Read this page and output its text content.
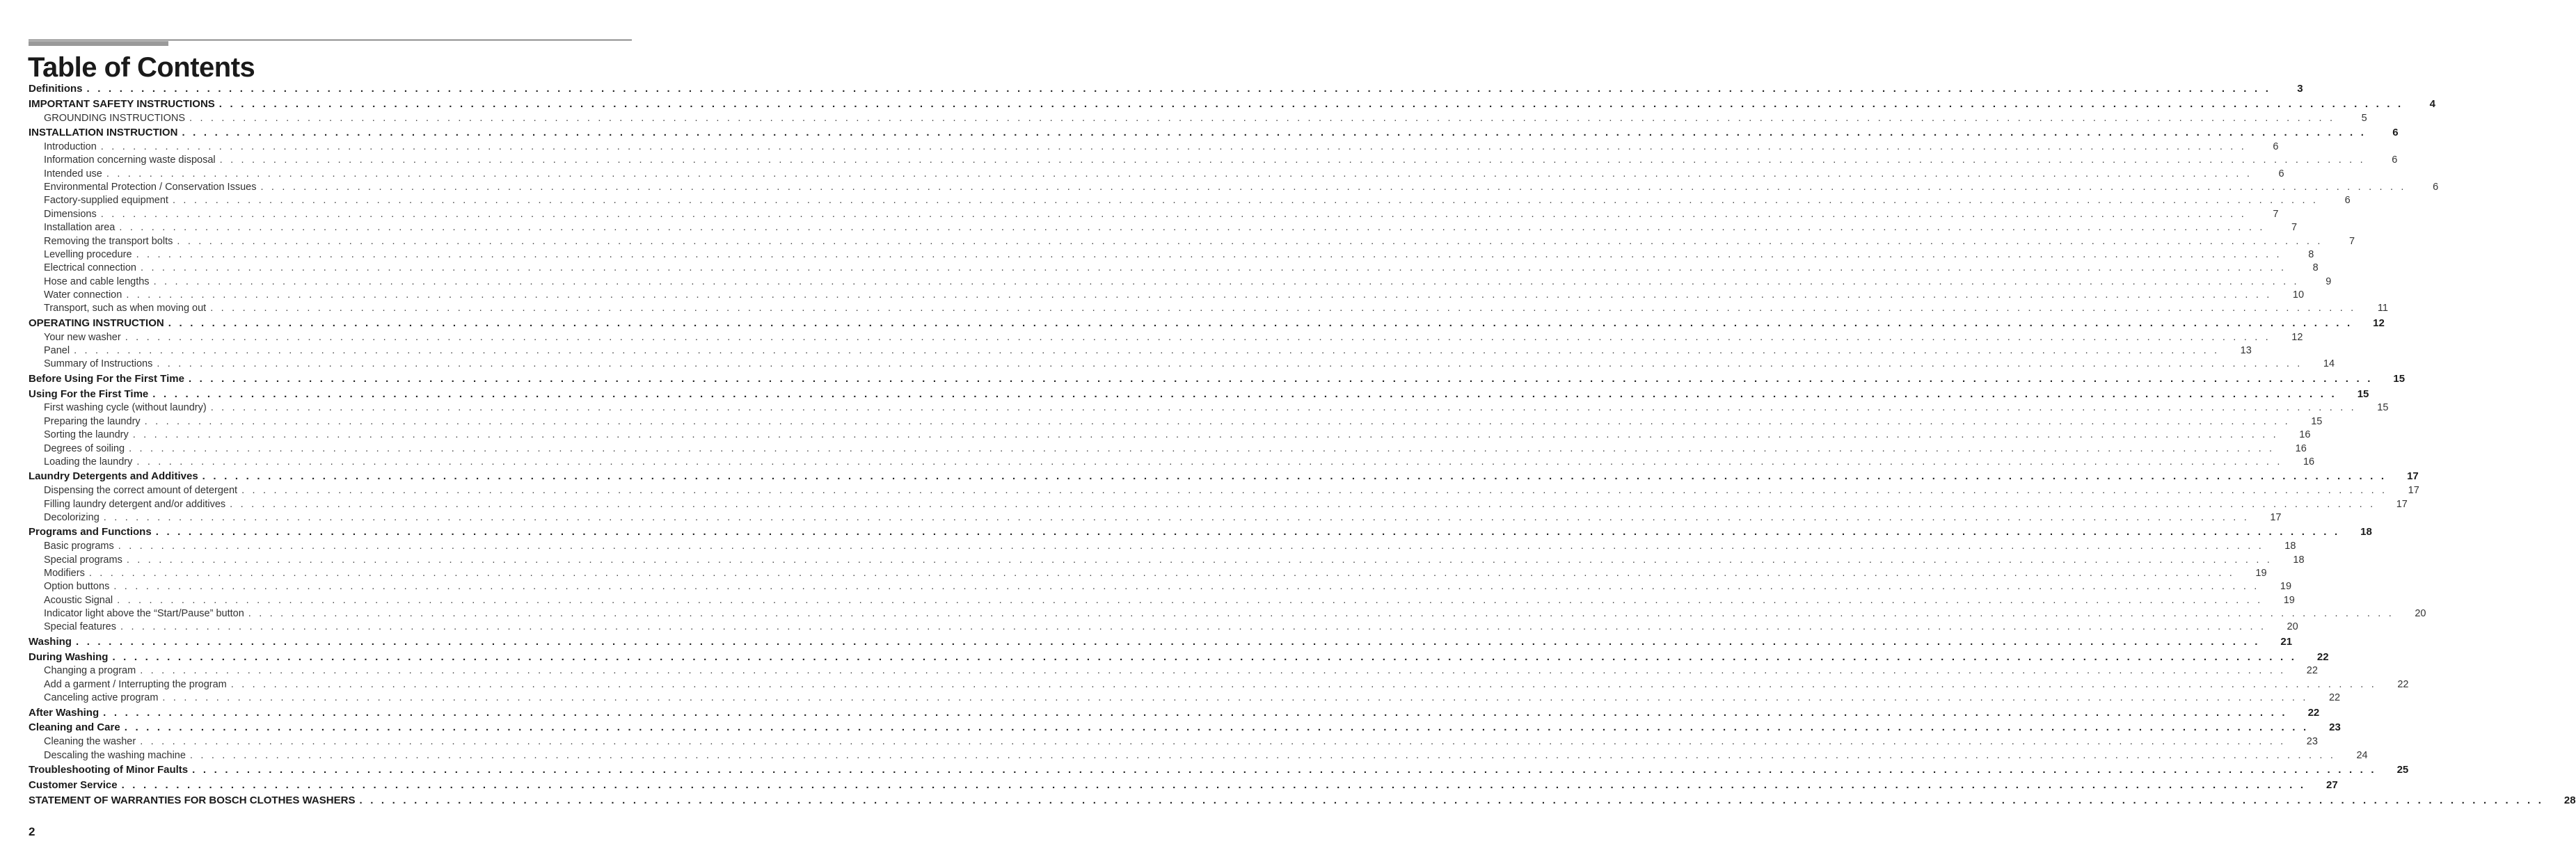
Table of Contents
Definitions . . . . . . . . . . . . . . . . . . . . . . . . . . . . . . . . . . . . . . . . . . . . . . . . . . . . . . . . . . . . . . . . . . . . . . . . . . . . . . . . . . . . . . . . . . . . . . . . . . . . . . . . . . . . . . . . . . . . . . . . . . . . . . . . . . . . . . . . . . . . . . . . . . . . . . . . . . . . . . . . . . . . . . . . . . . . . . . . . . . . . . . . . . . . . . . . . . . . . . . .	3
IMPORTANT SAFETY INSTRUCTIONS . . . . . . . . . . . . . . . . . . . . . . . . . . . . . . . . . . . . . . . . . . . . . . . . . . . . . . . . . . . . . . . . . . . . . . . . . . . . . . . . . . . . . . . . . . . . . . . . . . . . . . . . . . . . . . . . . . . . . . . . . . . . . . . . . . . . . . . . . . . . . . . . . . . . . . . . . . . . . . . . . . . . . . . . . . . . . . . . . . . . . . . . . . . . . . . . . . . . . . . .	4
GROUNDING INSTRUCTIONS . . . . . . . . . . . . . . . . . . . . . . . . . . . . . . . . . . . . . . . . . . . . . . . . . . . . . . . . . . . . . . . . . . . . . . . . . . . . . . . . . . . . . . . . . . . . . . . . . . . . . . . . . . . . . . . . . . . . . . . . . . . . . . . . . . . . . . . . . . . . . . . . . . . . . . . . . . . . . . . . . . . . . . . . . . . . . . . . . . . . . . . . . . . . . . . . . . . . . . . .	5
INSTALLATION INSTRUCTION . . . . . . . . . . . . . . . . . . . . . . . . . . . . . . . . . . . . . . . . . . . . . . . . . . . . . . . . . . . . . . . . . . . . . . . . . . . . . . . . . . . . . . . . . . . . . . . . . . . . . . . . . . . . . . . . . . . . . . . . . . . . . . . . . . . . . . . . . . . . . . . . . . . . . . . . . . . . . . . . . . . . . . . . . . . . . . . . . . . . . . . . . . . . . . . . . . . . . . . .	6
Introduction . . . . . . . . . . . . . . . . . . . . . . . . . . . . . . . . . . . . . . . . . . . . . . . . . . . . . . . . . . . . . . . . . . . . . . . . . . . . . . . . . . . . . . . . . . . . . . . . . . . . . . . . . . . . . . . . . . . . . . . . . . . . . . . . . . . . . . . . . . . . . . . . . . . . . . . . . . . . . . . . . . . . . . . . . . . . . . . . . . . . . . . . . . . . . . . . . . . . . . . .	6
Information concerning waste disposal . . . . . . . . . . . . . . . . . . . . . . . . . . . . . . . . . . . . . . . . . . . . . . . . . . . . . . . . . . . . . . . . . . . . . . . . . . . . . . . . . . . . . . . . . . . . . . . . . . . . . . . . . . . . . . . . . . . . . . . . . . . . . . . . . . . . . . . . . . . . . . . . . . . . . . . . . . . . . . . . . . . . . . . . . . . . . . . . . . . . . . . . . . . . . . . . . . . . . . . .	6
Intended use . . . . . . . . . . . . . . . . . . . . . . . . . . . . . . . . . . . . . . . . . . . . . . . . . . . . . . . . . . . . . . . . . . . . . . . . . . . . . . . . . . . . . . . . . . . . . . . . . . . . . . . . . . . . . . . . . . . . . . . . . . . . . . . . . . . . . . . . . . . . . . . . . . . . . . . . . . . . . . . . . . . . . . . . . . . . . . . . . . . . . . . . . . . . . . . . . . . . . . . .	6
Environmental Protection / Conservation Issues . . . . . . . . . . . . . . . . . . . . . . . . . . . . . . . . . . . . . . . . . . . . . . . . . . . . . . . . . . . . . . . . . . . . . . . . . . . . . . . . . . . . . . . . . . . . . . . . . . . . . . . . . . . . . . . . . . . . . . . . . . . . . . . . . . . . . . . . . . . . . . . . . . . . . . . . . . . . . . . . . . . . . . . . . . . . . . . . . . . . . . . . . . . . . . . . . . . . . . . .	6
Factory-supplied equipment . . . . . . . . . . . . . . . . . . . . . . . . . . . . . . . . . . . . . . . . . . . . . . . . . . . . . . . . . . . . . . . . . . . . . . . . . . . . . . . . . . . . . . . . . . . . . . . . . . . . . . . . . . . . . . . . . . . . . . . . . . . . . . . . . . . . . . . . . . . . . . . . . . . . . . . . . . . . . . . . . . . . . . . . . . . . . . . . . . . . . . . . . . . . . . . . . . . . . . . .	6
Dimensions . . . . . . . . . . . . . . . . . . . . . . . . . . . . . . . . . . . . . . . . . . . . . . . . . . . . . . . . . . . . . . . . . . . . . . . . . . . . . . . . . . . . . . . . . . . . . . . . . . . . . . . . . . . . . . . . . . . . . . . . . . . . . . . . . . . . . . . . . . . . . . . . . . . . . . . . . . . . . . . . . . . . . . . . . . . . . . . . . . . . . . . . . . . . . . . . . . . . . . . .	7
Installation area . . . . . . . . . . . . . . . . . . . . . . . . . . . . . . . . . . . . . . . . . . . . . . . . . . . . . . . . . . . . . . . . . . . . . . . . . . . . . . . . . . . . . . . . . . . . . . . . . . . . . . . . . . . . . . . . . . . . . . . . . . . . . . . . . . . . . . . . . . . . . . . . . . . . . . . . . . . . . . . . . . . . . . . . . . . . . . . . . . . . . . . . . . . . . . . . . . . . . . . .	7
Removing the transport bolts . . . . . . . . . . . . . . . . . . . . . . . . . . . . . . . . . . . . . . . . . . . . . . . . . . . . . . . . . . . . . . . . . . . . . . . . . . . . . . . . . . . . . . . . . . . . . . . . . . . . . . . . . . . . . . . . . . . . . . . . . . . . . . . . . . . . . . . . . . . . . . . . . . . . . . . . . . . . . . . . . . . . . . . . . . . . . . . . . . . . . . . . . . . . . . . . . . . . . . . .	7
Levelling procedure . . . . . . . . . . . . . . . . . . . . . . . . . . . . . . . . . . . . . . . . . . . . . . . . . . . . . . . . . . . . . . . . . . . . . . . . . . . . . . . . . . . . . . . . . . . . . . . . . . . . . . . . . . . . . . . . . . . . . . . . . . . . . . . . . . . . . . . . . . . . . . . . . . . . . . . . . . . . . . . . . . . . . . . . . . . . . . . . . . . . . . . . . . . . . . . . . . . . . . . .	8
Electrical connection . . . . . . . . . . . . . . . . . . . . . . . . . . . . . . . . . . . . . . . . . . . . . . . . . . . . . . . . . . . . . . . . . . . . . . . . . . . . . . . . . . . . . . . . . . . . . . . . . . . . . . . . . . . . . . . . . . . . . . . . . . . . . . . . . . . . . . . . . . . . . . . . . . . . . . . . . . . . . . . . . . . . . . . . . . . . . . . . . . . . . . . . . . . . . . . . . . . . . . . .	8
Hose and cable lengths . . . . . . . . . . . . . . . . . . . . . . . . . . . . . . . . . . . . . . . . . . . . . . . . . . . . . . . . . . . . . . . . . . . . . . . . . . . . . . . . . . . . . . . . . . . . . . . . . . . . . . . . . . . . . . . . . . . . . . . . . . . . . . . . . . . . . . . . . . . . . . . . . . . . . . . . . . . . . . . . . . . . . . . . . . . . . . . . . . . . . . . . . . . . . . . . . . . . . . . .	9
Water connection . . . . . . . . . . . . . . . . . . . . . . . . . . . . . . . . . . . . . . . . . . . . . . . . . . . . . . . . . . . . . . . . . . . . . . . . . . . . . . . . . . . . . . . . . . . . . . . . . . . . . . . . . . . . . . . . . . . . . . . . . . . . . . . . . . . . . . . . . . . . . . . . . . . . . . . . . . . . . . . . . . . . . . . . . . . . . . . . . . . . . . . . . . . . . . . . . . . . . . . .	10
Transport, such as when moving out . . . . . . . . . . . . . . . . . . . . . . . . . . . . . . . . . . . . . . . . . . . . . . . . . . . . . . . . . . . . . . . . . . . . . . . . . . . . . . . . . . . . . . . . . . . . . . . . . . . . . . . . . . . . . . . . . . . . . . . . . . . . . . . . . . . . . . . . . . . . . . . . . . . . . . . . . . . . . . . . . . . . . . . . . . . . . . . . . . . . . . . . . . . . . . . . . . . . . . . .	11
OPERATING INSTRUCTION . . . . . . . . . . . . . . . . . . . . . . . . . . . . . . . . . . . . . . . . . . . . . . . . . . . . . . . . . . . . . . . . . . . . . . . . . . . . . . . . . . . . . . . . . . . . . . . . . . . . . . . . . . . . . . . . . . . . . . . . . . . . . . . . . . . . . . . . . . . . . . . . . . . . . . . . . . . . . . . . . . . . . . . . . . . . . . . . . . . . . . . . . . . . . . . . . . . . . . . .	12
Your new washer . . . . . . . . . . . . . . . . . . . . . . . . . . . . . . . . . . . . . . . . . . . . . . . . . . . . . . . . . . . . . . . . . . . . . . . . . . . . . . . . . . . . . . . . . . . . . . . . . . . . . . . . . . . . . . . . . . . . . . . . . . . . . . . . . . . . . . . . . . . . . . . . . . . . . . . . . . . . . . . . . . . . . . . . . . . . . . . . . . . . . . . . . . . . . . . . . . . . . . . .	12
Panel . . . . . . . . . . . . . . . . . . . . . . . . . . . . . . . . . . . . . . . . . . . . . . . . . . . . . . . . . . . . . . . . . . . . . . . . . . . . . . . . . . . . . . . . . . . . . . . . . . . . . . . . . . . . . . . . . . . . . . . . . . . . . . . . . . . . . . . . . . . . . . . . . . . . . . . . . . . . . . . . . . . . . . . . . . . . . . . . . . . . . . . . . . . . . . . . . . . . . . . .	13
Summary of Instructions . . . . . . . . . . . . . . . . . . . . . . . . . . . . . . . . . . . . . . . . . . . . . . . . . . . . . . . . . . . . . . . . . . . . . . . . . . . . . . . . . . . . . . . . . . . . . . . . . . . . . . . . . . . . . . . . . . . . . . . . . . . . . . . . . . . . . . . . . . . . . . . . . . . . . . . . . . . . . . . . . . . . . . . . . . . . . . . . . . . . . . . . . . . . . . . . . . . . . . . .	14
Before Using For the First Time . . . . . . . . . . . . . . . . . . . . . . . . . . . . . . . . . . . . . . . . . . . . . . . . . . . . . . . . . . . . . . . . . . . . . . . . . . . . . . . . . . . . . . . . . . . . . . . . . . . . . . . . . . . . . . . . . . . . . . . . . . . . . . . . . . . . . . . . . . . . . . . . . . . . . . . . . . . . . . . . . . . . . . . . . . . . . . . . . . . . . . . . . . . . . . . . . . . . . . . .	15
Using For the First Time . . . . . . . . . . . . . . . . . . . . . . . . . . . . . . . . . . . . . . . . . . . . . . . . . . . . . . . . . . . . . . . . . . . . . . . . . . . . . . . . . . . . . . . . . . . . . . . . . . . . . . . . . . . . . . . . . . . . . . . . . . . . . . . . . . . . . . . . . . . . . . . . . . . . . . . . . . . . . . . . . . . . . . . . . . . . . . . . . . . . . . . . . . . . . . . . . . . . . . . .	15
First washing cycle (without laundry) . . . . . . . . . . . . . . . . . . . . . . . . . . . . . . . . . . . . . . . . . . . . . . . . . . . . . . . . . . . . . . . . . . . . . . . . . . . . . . . . . . . . . . . . . . . . . . . . . . . . . . . . . . . . . . . . . . . . . . . . . . . . . . . . . . . . . . . . . . . . . . . . . . . . . . . . . . . . . . . . . . . . . . . . . . . . . . . . . . . . . . . . . . . . . . . . . . . . . . . .	15
Preparing the laundry . . . . . . . . . . . . . . . . . . . . . . . . . . . . . . . . . . . . . . . . . . . . . . . . . . . . . . . . . . . . . . . . . . . . . . . . . . . . . . . . . . . . . . . . . . . . . . . . . . . . . . . . . . . . . . . . . . . . . . . . . . . . . . . . . . . . . . . . . . . . . . . . . . . . . . . . . . . . . . . . . . . . . . . . . . . . . . . . . . . . . . . . . . . . . . . . . . . . . . . .	15
Sorting the laundry . . . . . . . . . . . . . . . . . . . . . . . . . . . . . . . . . . . . . . . . . . . . . . . . . . . . . . . . . . . . . . . . . . . . . . . . . . . . . . . . . . . . . . . . . . . . . . . . . . . . . . . . . . . . . . . . . . . . . . . . . . . . . . . . . . . . . . . . . . . . . . . . . . . . . . . . . . . . . . . . . . . . . . . . . . . . . . . . . . . . . . . . . . . . . . . . . . . . . . . .	16
Degrees of soiling . . . . . . . . . . . . . . . . . . . . . . . . . . . . . . . . . . . . . . . . . . . . . . . . . . . . . . . . . . . . . . . . . . . . . . . . . . . . . . . . . . . . . . . . . . . . . . . . . . . . . . . . . . . . . . . . . . . . . . . . . . . . . . . . . . . . . . . . . . . . . . . . . . . . . . . . . . . . . . . . . . . . . . . . . . . . . . . . . . . . . . . . . . . . . . . . . . . . . . . .	16
Loading the laundry . . . . . . . . . . . . . . . . . . . . . . . . . . . . . . . . . . . . . . . . . . . . . . . . . . . . . . . . . . . . . . . . . . . . . . . . . . . . . . . . . . . . . . . . . . . . . . . . . . . . . . . . . . . . . . . . . . . . . . . . . . . . . . . . . . . . . . . . . . . . . . . . . . . . . . . . . . . . . . . . . . . . . . . . . . . . . . . . . . . . . . . . . . . . . . . . . . . . . . . .	16
Laundry Detergents and Additives . . . . . . . . . . . . . . . . . . . . . . . . . . . . . . . . . . . . . . . . . . . . . . . . . . . . . . . . . . . . . . . . . . . . . . . . . . . . . . . . . . . . . . . . . . . . . . . . . . . . . . . . . . . . . . . . . . . . . . . . . . . . . . . . . . . . . . . . . . . . . . . . . . . . . . . . . . . . . . . . . . . . . . . . . . . . . . . . . . . . . . . . . . . . . . . . . . . . . . . .	17
Dispensing the correct amount of detergent . . . . . . . . . . . . . . . . . . . . . . . . . . . . . . . . . . . . . . . . . . . . . . . . . . . . . . . . . . . . . . . . . . . . . . . . . . . . . . . . . . . . . . . . . . . . . . . . . . . . . . . . . . . . . . . . . . . . . . . . . . . . . . . . . . . . . . . . . . . . . . . . . . . . . . . . . . . . . . . . . . . . . . . . . . . . . . . . . . . . . . . . . . . . . . . . . . . . . . . .	17
Filling laundry detergent and/or additives . . . . . . . . . . . . . . . . . . . . . . . . . . . . . . . . . . . . . . . . . . . . . . . . . . . . . . . . . . . . . . . . . . . . . . . . . . . . . . . . . . . . . . . . . . . . . . . . . . . . . . . . . . . . . . . . . . . . . . . . . . . . . . . . . . . . . . . . . . . . . . . . . . . . . . . . . . . . . . . . . . . . . . . . . . . . . . . . . . . . . . . . . . . . . . . . . . . . . . . .	17
Decolorizing . . . . . . . . . . . . . . . . . . . . . . . . . . . . . . . . . . . . . . . . . . . . . . . . . . . . . . . . . . . . . . . . . . . . . . . . . . . . . . . . . . . . . . . . . . . . . . . . . . . . . . . . . . . . . . . . . . . . . . . . . . . . . . . . . . . . . . . . . . . . . . . . . . . . . . . . . . . . . . . . . . . . . . . . . . . . . . . . . . . . . . . . . . . . . . . . . . . . . . . .	17
Programs and Functions . . . . . . . . . . . . . . . . . . . . . . . . . . . . . . . . . . . . . . . . . . . . . . . . . . . . . . . . . . . . . . . . . . . . . . . . . . . . . . . . . . . . . . . . . . . . . . . . . . . . . . . . . . . . . . . . . . . . . . . . . . . . . . . . . . . . . . . . . . . . . . . . . . . . . . . . . . . . . . . . . . . . . . . . . . . . . . . . . . . . . . . . . . . . . . . . . . . . . . . .	18
Basic programs . . . . . . . . . . . . . . . . . . . . . . . . . . . . . . . . . . . . . . . . . . . . . . . . . . . . . . . . . . . . . . . . . . . . . . . . . . . . . . . . . . . . . . . . . . . . . . . . . . . . . . . . . . . . . . . . . . . . . . . . . . . . . . . . . . . . . . . . . . . . . . . . . . . . . . . . . . . . . . . . . . . . . . . . . . . . . . . . . . . . . . . . . . . . . . . . . . . . . . . .	18
Special programs . . . . . . . . . . . . . . . . . . . . . . . . . . . . . . . . . . . . . . . . . . . . . . . . . . . . . . . . . . . . . . . . . . . . . . . . . . . . . . . . . . . . . . . . . . . . . . . . . . . . . . . . . . . . . . . . . . . . . . . . . . . . . . . . . . . . . . . . . . . . . . . . . . . . . . . . . . . . . . . . . . . . . . . . . . . . . . . . . . . . . . . . . . . . . . . . . . . . . . . .	18
Modifiers . . . . . . . . . . . . . . . . . . . . . . . . . . . . . . . . . . . . . . . . . . . . . . . . . . . . . . . . . . . . . . . . . . . . . . . . . . . . . . . . . . . . . . . . . . . . . . . . . . . . . . . . . . . . . . . . . . . . . . . . . . . . . . . . . . . . . . . . . . . . . . . . . . . . . . . . . . . . . . . . . . . . . . . . . . . . . . . . . . . . . . . . . . . . . . . . . . . . . . . .	19
Option buttons . . . . . . . . . . . . . . . . . . . . . . . . . . . . . . . . . . . . . . . . . . . . . . . . . . . . . . . . . . . . . . . . . . . . . . . . . . . . . . . . . . . . . . . . . . . . . . . . . . . . . . . . . . . . . . . . . . . . . . . . . . . . . . . . . . . . . . . . . . . . . . . . . . . . . . . . . . . . . . . . . . . . . . . . . . . . . . . . . . . . . . . . . . . . . . . . . . . . . . . .	19
Acoustic Signal . . . . . . . . . . . . . . . . . . . . . . . . . . . . . . . . . . . . . . . . . . . . . . . . . . . . . . . . . . . . . . . . . . . . . . . . . . . . . . . . . . . . . . . . . . . . . . . . . . . . . . . . . . . . . . . . . . . . . . . . . . . . . . . . . . . . . . . . . . . . . . . . . . . . . . . . . . . . . . . . . . . . . . . . . . . . . . . . . . . . . . . . . . . . . . . . . . . . . . . .	19
Indicator light above the “Start/Pause” button . . . . . . . . . . . . . . . . . . . . . . . . . . . . . . . . . . . . . . . . . . . . . . . . . . . . . . . . . . . . . . . . . . . . . . . . . . . . . . . . . . . . . . . . . . . . . . . . . . . . . . . . . . . . . . . . . . . . . . . . . . . . . . . . . . . . . . . . . . . . . . . . . . . . . . . . . . . . . . . . . . . . . . . . . . . . . . . . . . . . . . . . . . . . . . . . . . . . . . . .	20
Special features . . . . . . . . . . . . . . . . . . . . . . . . . . . . . . . . . . . . . . . . . . . . . . . . . . . . . . . . . . . . . . . . . . . . . . . . . . . . . . . . . . . . . . . . . . . . . . . . . . . . . . . . . . . . . . . . . . . . . . . . . . . . . . . . . . . . . . . . . . . . . . . . . . . . . . . . . . . . . . . . . . . . . . . . . . . . . . . . . . . . . . . . . . . . . . . . . . . . . . . .	20
Washing . . . . . . . . . . . . . . . . . . . . . . . . . . . . . . . . . . . . . . . . . . . . . . . . . . . . . . . . . . . . . . . . . . . . . . . . . . . . . . . . . . . . . . . . . . . . . . . . . . . . . . . . . . . . . . . . . . . . . . . . . . . . . . . . . . . . . . . . . . . . . . . . . . . . . . . . . . . . . . . . . . . . . . . . . . . . . . . . . . . . . . . . . . . . . . . . . . . . . . . .	21
During Washing . . . . . . . . . . . . . . . . . . . . . . . . . . . . . . . . . . . . . . . . . . . . . . . . . . . . . . . . . . . . . . . . . . . . . . . . . . . . . . . . . . . . . . . . . . . . . . . . . . . . . . . . . . . . . . . . . . . . . . . . . . . . . . . . . . . . . . . . . . . . . . . . . . . . . . . . . . . . . . . . . . . . . . . . . . . . . . . . . . . . . . . . . . . . . . . . . . . . . . . .	22
Changing a program . . . . . . . . . . . . . . . . . . . . . . . . . . . . . . . . . . . . . . . . . . . . . . . . . . . . . . . . . . . . . . . . . . . . . . . . . . . . . . . . . . . . . . . . . . . . . . . . . . . . . . . . . . . . . . . . . . . . . . . . . . . . . . . . . . . . . . . . . . . . . . . . . . . . . . . . . . . . . . . . . . . . . . . . . . . . . . . . . . . . . . . . . . . . . . . . . . . . . . . .	22
Add a garment / Interrupting the program . . . . . . . . . . . . . . . . . . . . . . . . . . . . . . . . . . . . . . . . . . . . . . . . . . . . . . . . . . . . . . . . . . . . . . . . . . . . . . . . . . . . . . . . . . . . . . . . . . . . . . . . . . . . . . . . . . . . . . . . . . . . . . . . . . . . . . . . . . . . . . . . . . . . . . . . . . . . . . . . . . . . . . . . . . . . . . . . . . . . . . . . . . . . . . . . . . . . . . . .	22
Canceling active program . . . . . . . . . . . . . . . . . . . . . . . . . . . . . . . . . . . . . . . . . . . . . . . . . . . . . . . . . . . . . . . . . . . . . . . . . . . . . . . . . . . . . . . . . . . . . . . . . . . . . . . . . . . . . . . . . . . . . . . . . . . . . . . . . . . . . . . . . . . . . . . . . . . . . . . . . . . . . . . . . . . . . . . . . . . . . . . . . . . . . . . . . . . . . . . . . . . . . . . .	22
After Washing . . . . . . . . . . . . . . . . . . . . . . . . . . . . . . . . . . . . . . . . . . . . . . . . . . . . . . . . . . . . . . . . . . . . . . . . . . . . . . . . . . . . . . . . . . . . . . . . . . . . . . . . . . . . . . . . . . . . . . . . . . . . . . . . . . . . . . . . . . . . . . . . . . . . . . . . . . . . . . . . . . . . . . . . . . . . . . . . . . . . . . . . . . . . . . . . . . . . . . . .	22
Cleaning and Care . . . . . . . . . . . . . . . . . . . . . . . . . . . . . . . . . . . . . . . . . . . . . . . . . . . . . . . . . . . . . . . . . . . . . . . . . . . . . . . . . . . . . . . . . . . . . . . . . . . . . . . . . . . . . . . . . . . . . . . . . . . . . . . . . . . . . . . . . . . . . . . . . . . . . . . . . . . . . . . . . . . . . . . . . . . . . . . . . . . . . . . . . . . . . . . . . . . . . . . .	23
Cleaning the washer . . . . . . . . . . . . . . . . . . . . . . . . . . . . . . . . . . . . . . . . . . . . . . . . . . . . . . . . . . . . . . . . . . . . . . . . . . . . . . . . . . . . . . . . . . . . . . . . . . . . . . . . . . . . . . . . . . . . . . . . . . . . . . . . . . . . . . . . . . . . . . . . . . . . . . . . . . . . . . . . . . . . . . . . . . . . . . . . . . . . . . . . . . . . . . . . . . . . . . . .	23
Descaling the washing machine . . . . . . . . . . . . . . . . . . . . . . . . . . . . . . . . . . . . . . . . . . . . . . . . . . . . . . . . . . . . . . . . . . . . . . . . . . . . . . . . . . . . . . . . . . . . . . . . . . . . . . . . . . . . . . . . . . . . . . . . . . . . . . . . . . . . . . . . . . . . . . . . . . . . . . . . . . . . . . . . . . . . . . . . . . . . . . . . . . . . . . . . . . . . . . . . . . . . . . . .	24
Troubleshooting of Minor Faults . . . . . . . . . . . . . . . . . . . . . . . . . . . . . . . . . . . . . . . . . . . . . . . . . . . . . . . . . . . . . . . . . . . . . . . . . . . . . . . . . . . . . . . . . . . . . . . . . . . . . . . . . . . . . . . . . . . . . . . . . . . . . . . . . . . . . . . . . . . . . . . . . . . . . . . . . . . . . . . . . . . . . . . . . . . . . . . . . . . . . . . . . . . . . . . . . . . . . . . .	25
Customer Service . . . . . . . . . . . . . . . . . . . . . . . . . . . . . . . . . . . . . . . . . . . . . . . . . . . . . . . . . . . . . . . . . . . . . . . . . . . . . . . . . . . . . . . . . . . . . . . . . . . . . . . . . . . . . . . . . . . . . . . . . . . . . . . . . . . . . . . . . . . . . . . . . . . . . . . . . . . . . . . . . . . . . . . . . . . . . . . . . . . . . . . . . . . . . . . . . . . . . . . .	27
STATEMENT OF WARRANTIES FOR BOSCH CLOTHES WASHERS . . . . . . . . . . . . . . . . . . . . . . . . . . . . . . . . . . . . . . . . . . . . . . . . . . . . . . . . . . . . . . . . . . . . . . . . . . . . . . . . . . . . . . . . . . . . . . . . . . . . . . . . . . . . . . . . . . . . . . . . . . . . . . . . . . . . . . . . . . . . . . . . . . . . . . . . . . . . . . . . . . . . . . . . . . . . . . . . . . . . . . . . . . . . . . . . . . . . . . . .	28
2
